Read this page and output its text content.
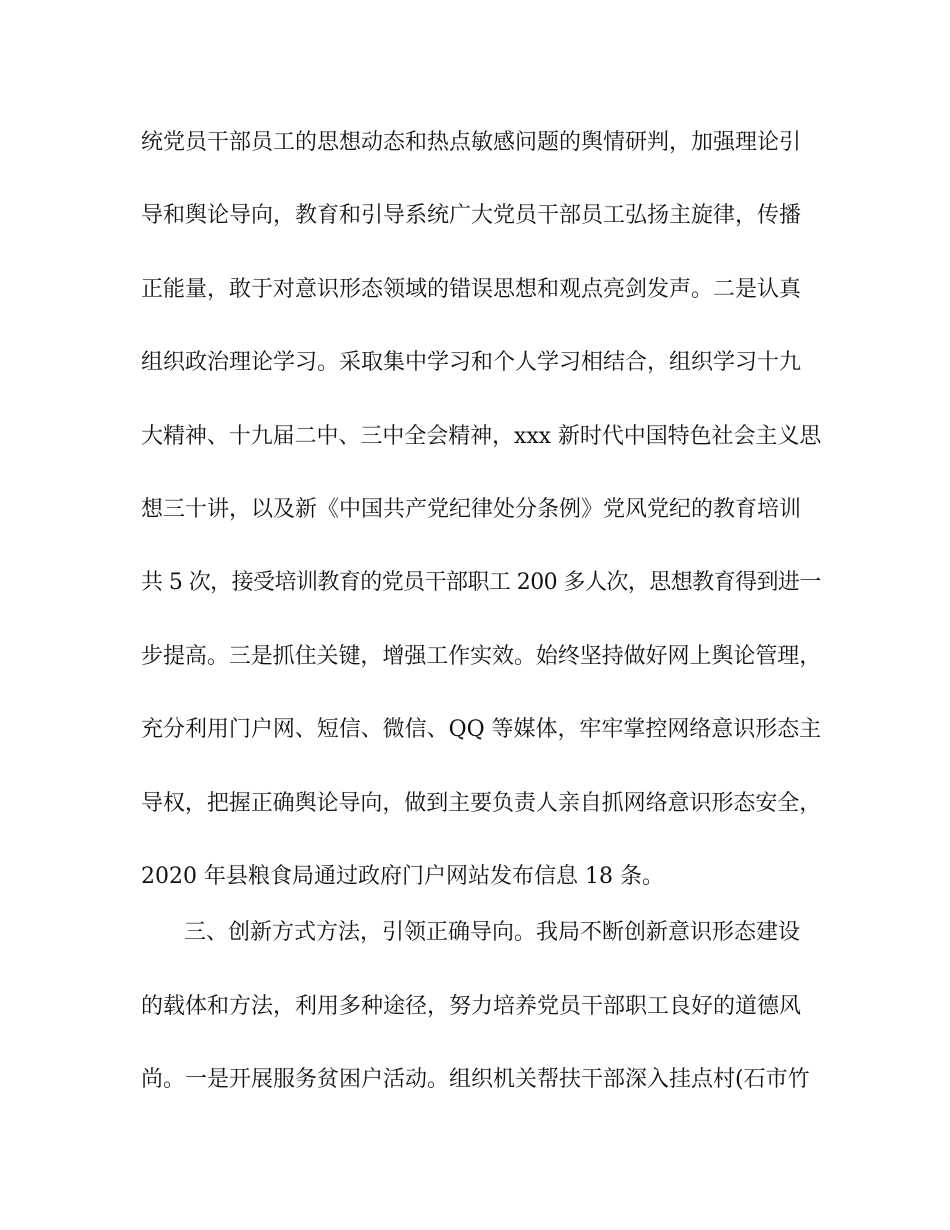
统党员干部员工的思想动态和热点敏感问题的舆情研判，加强理论引
导和舆论导向，教育和引导系统广大党员干部员工弘扬主旋律，传播
正能量，敢于对意识形态领域的错误思想和观点亮剑发声。二是认真
组织政治理论学习。采取集中学习和个人学习相结合，组织学习十九
大精神、十九届二中、三中全会精神，xxx 新时代中国特色社会主义思
想三十讲，以及新《中国共产党纪律处分条例》党风党纪的教育培训
共 5 次，接受培训教育的党员干部职工 200 多人次，思想教育得到进一
步提高。三是抓住关键，增强工作实效。始终坚持做好网上舆论管理，
充分利用门户网、短信、微信、QQ 等媒体，牢牢掌控网络意识形态主
导权，把握正确舆论导向，做到主要负责人亲自抓网络意识形态安全，
2020 年县粮食局通过政府门户网站发布信息 18 条。
三、创新方式方法，引领正确导向。我局不断创新意识形态建设
的载体和方法，利用多种途径，努力培养党员干部职工良好的道德风
尚。一是开展服务贫困户活动。组织机关帮扶干部深入挂点村(石市竹
